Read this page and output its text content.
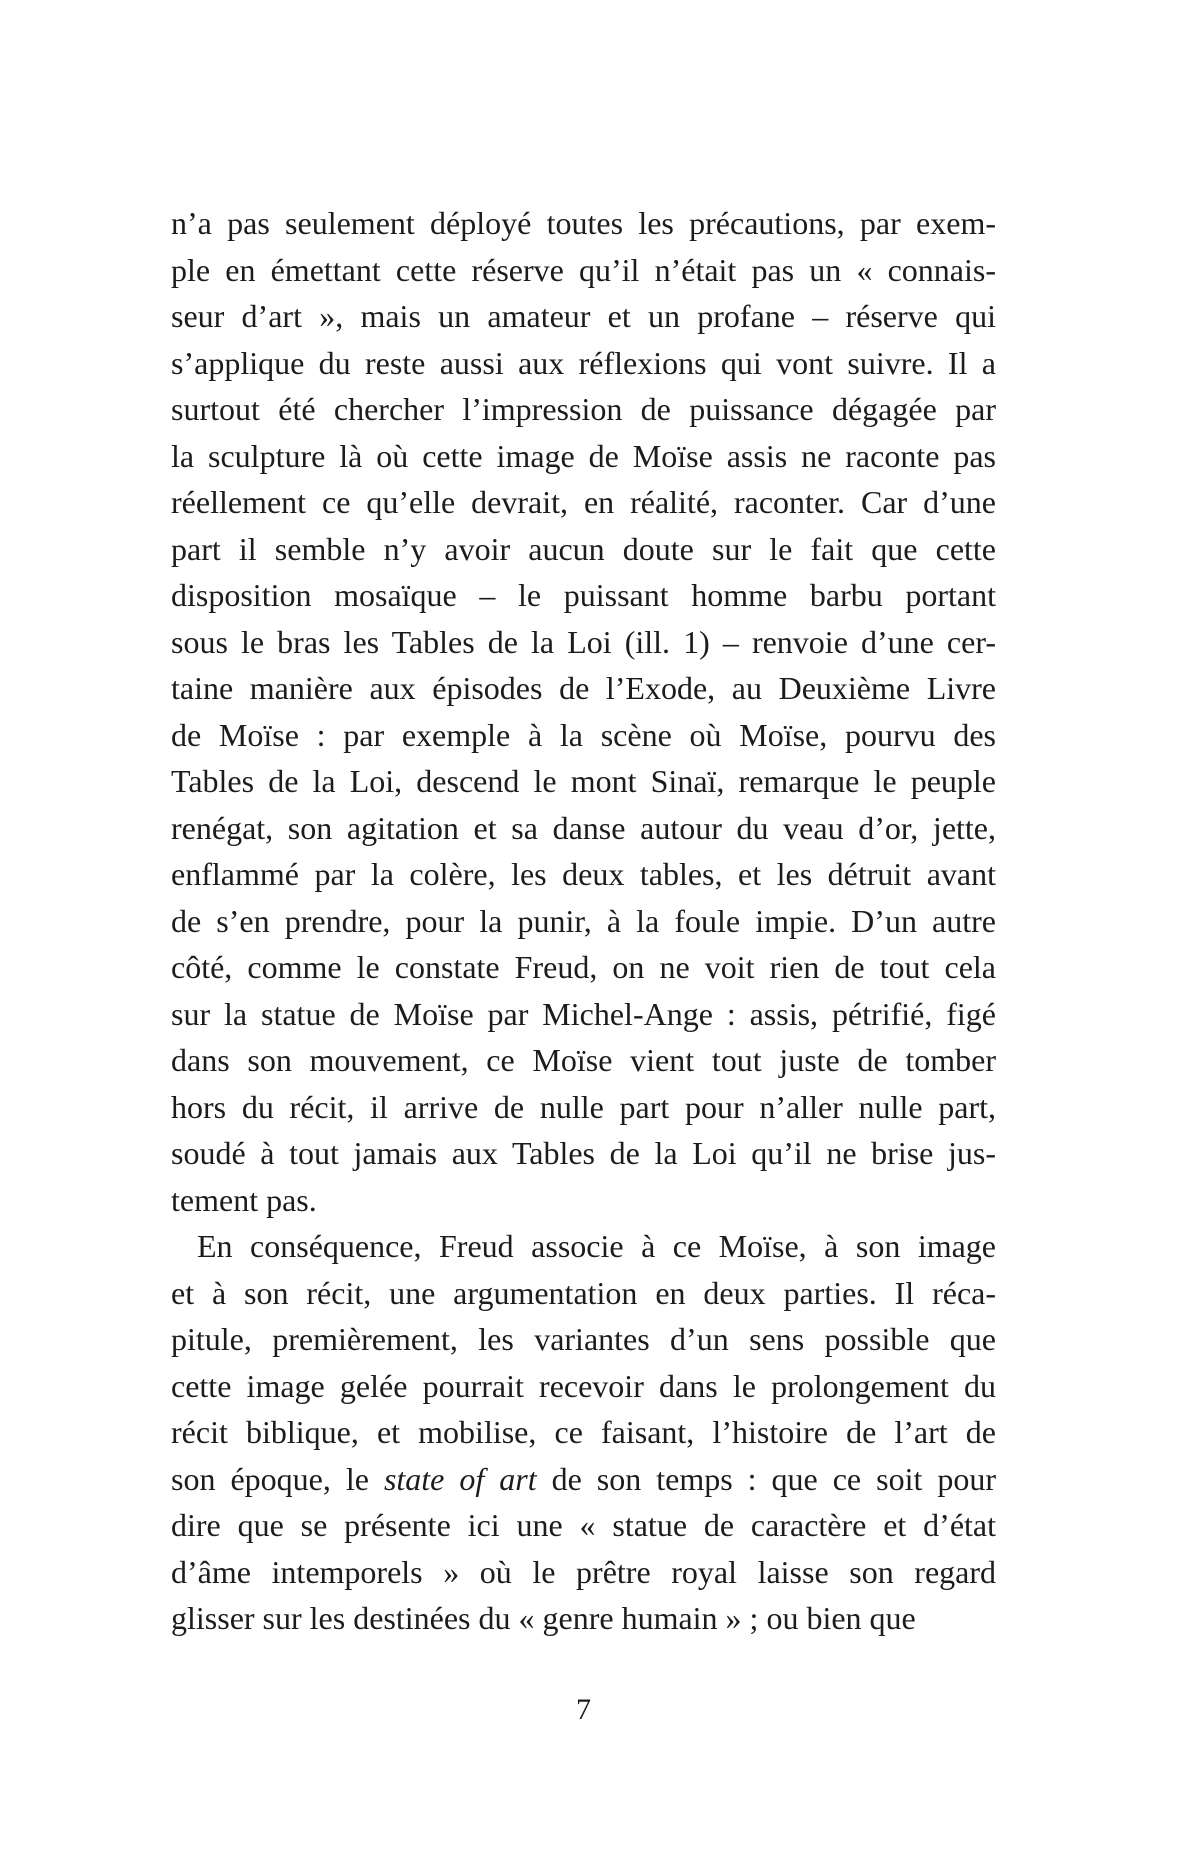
n’a pas seulement déployé toutes les précautions, par exem-
ple en émettant cette réserve qu’il n’était pas un « connais-
seur d’art », mais un amateur et un profane – réserve qui
s’applique du reste aussi aux réflexions qui vont suivre. Il a
surtout été chercher l’impression de puissance dégagée par
la sculpture là où cette image de Moïse assis ne raconte pas
réellement ce qu’elle devrait, en réalité, raconter. Car d’une
part il semble n’y avoir aucun doute sur le fait que cette
disposition mosaïque – le puissant homme barbu portant
sous le bras les Tables de la Loi (ill. 1) – renvoie d’une cer-
taine manière aux épisodes de l’Exode, au Deuxième Livre
de Moïse : par exemple à la scène où Moïse, pourvu des
Tables de la Loi, descend le mont Sinaï, remarque le peuple
renégat, son agitation et sa danse autour du veau d’or, jette,
enflammé par la colère, les deux tables, et les détruit avant
de s’en prendre, pour la punir, à la foule impie. D’un autre
côté, comme le constate Freud, on ne voit rien de tout cela
sur la statue de Moïse par Michel-Ange : assis, pétrifié, figé
dans son mouvement, ce Moïse vient tout juste de tomber
hors du récit, il arrive de nulle part pour n’aller nulle part,
soudé à tout jamais aux Tables de la Loi qu’il ne brise jus-
tement pas.
En conséquence, Freud associe à ce Moïse, à son image
et à son récit, une argumentation en deux parties. Il réca-
pitule, premièrement, les variantes d’un sens possible que
cette image gelée pourrait recevoir dans le prolongement du
récit biblique, et mobilise, ce faisant, l’histoire de l’art de
son époque, le state of art de son temps : que ce soit pour
dire que se présente ici une « statue de caractère et d’état
d’âme intemporels » où le prêtre royal laisse son regard
glisser sur les destinées du « genre humain » ; ou bien que
7
